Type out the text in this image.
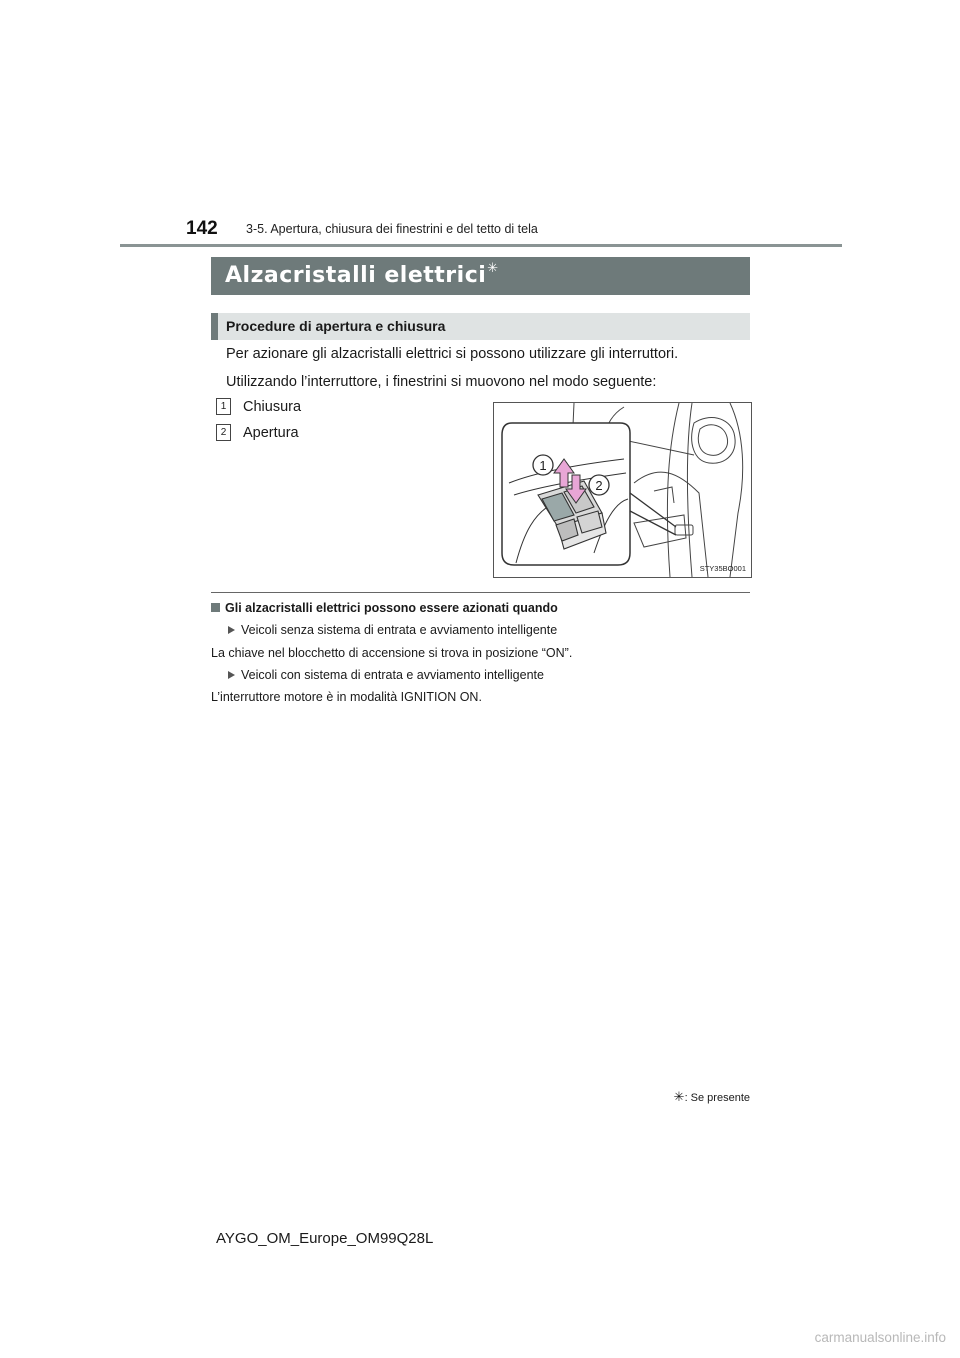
142 3-5. Apertura, chiusura dei finestrini e del tetto di tela
Alzacristalli elettrici✳
Procedure di apertura e chiusura
Per azionare gli alzacristalli elettrici si possono utilizzare gli interruttori.
Utilizzando l’interruttore, i finestrini si muovono nel modo seguente:
1	Chiusura
2	Apertura
1
2
STY35BO001
Gli alzacristalli elettrici possono essere azionati quando
Veicoli senza sistema di entrata e avviamento intelligente
La chiave nel blocchetto di accensione si trova in posizione “ON”.
Veicoli con sistema di entrata e avviamento intelligente
L’interruttore motore è in modalità IGNITION ON.
✳: Se presente
AYGO_OM_Europe_OM99Q28L
carmanualsonline.info
